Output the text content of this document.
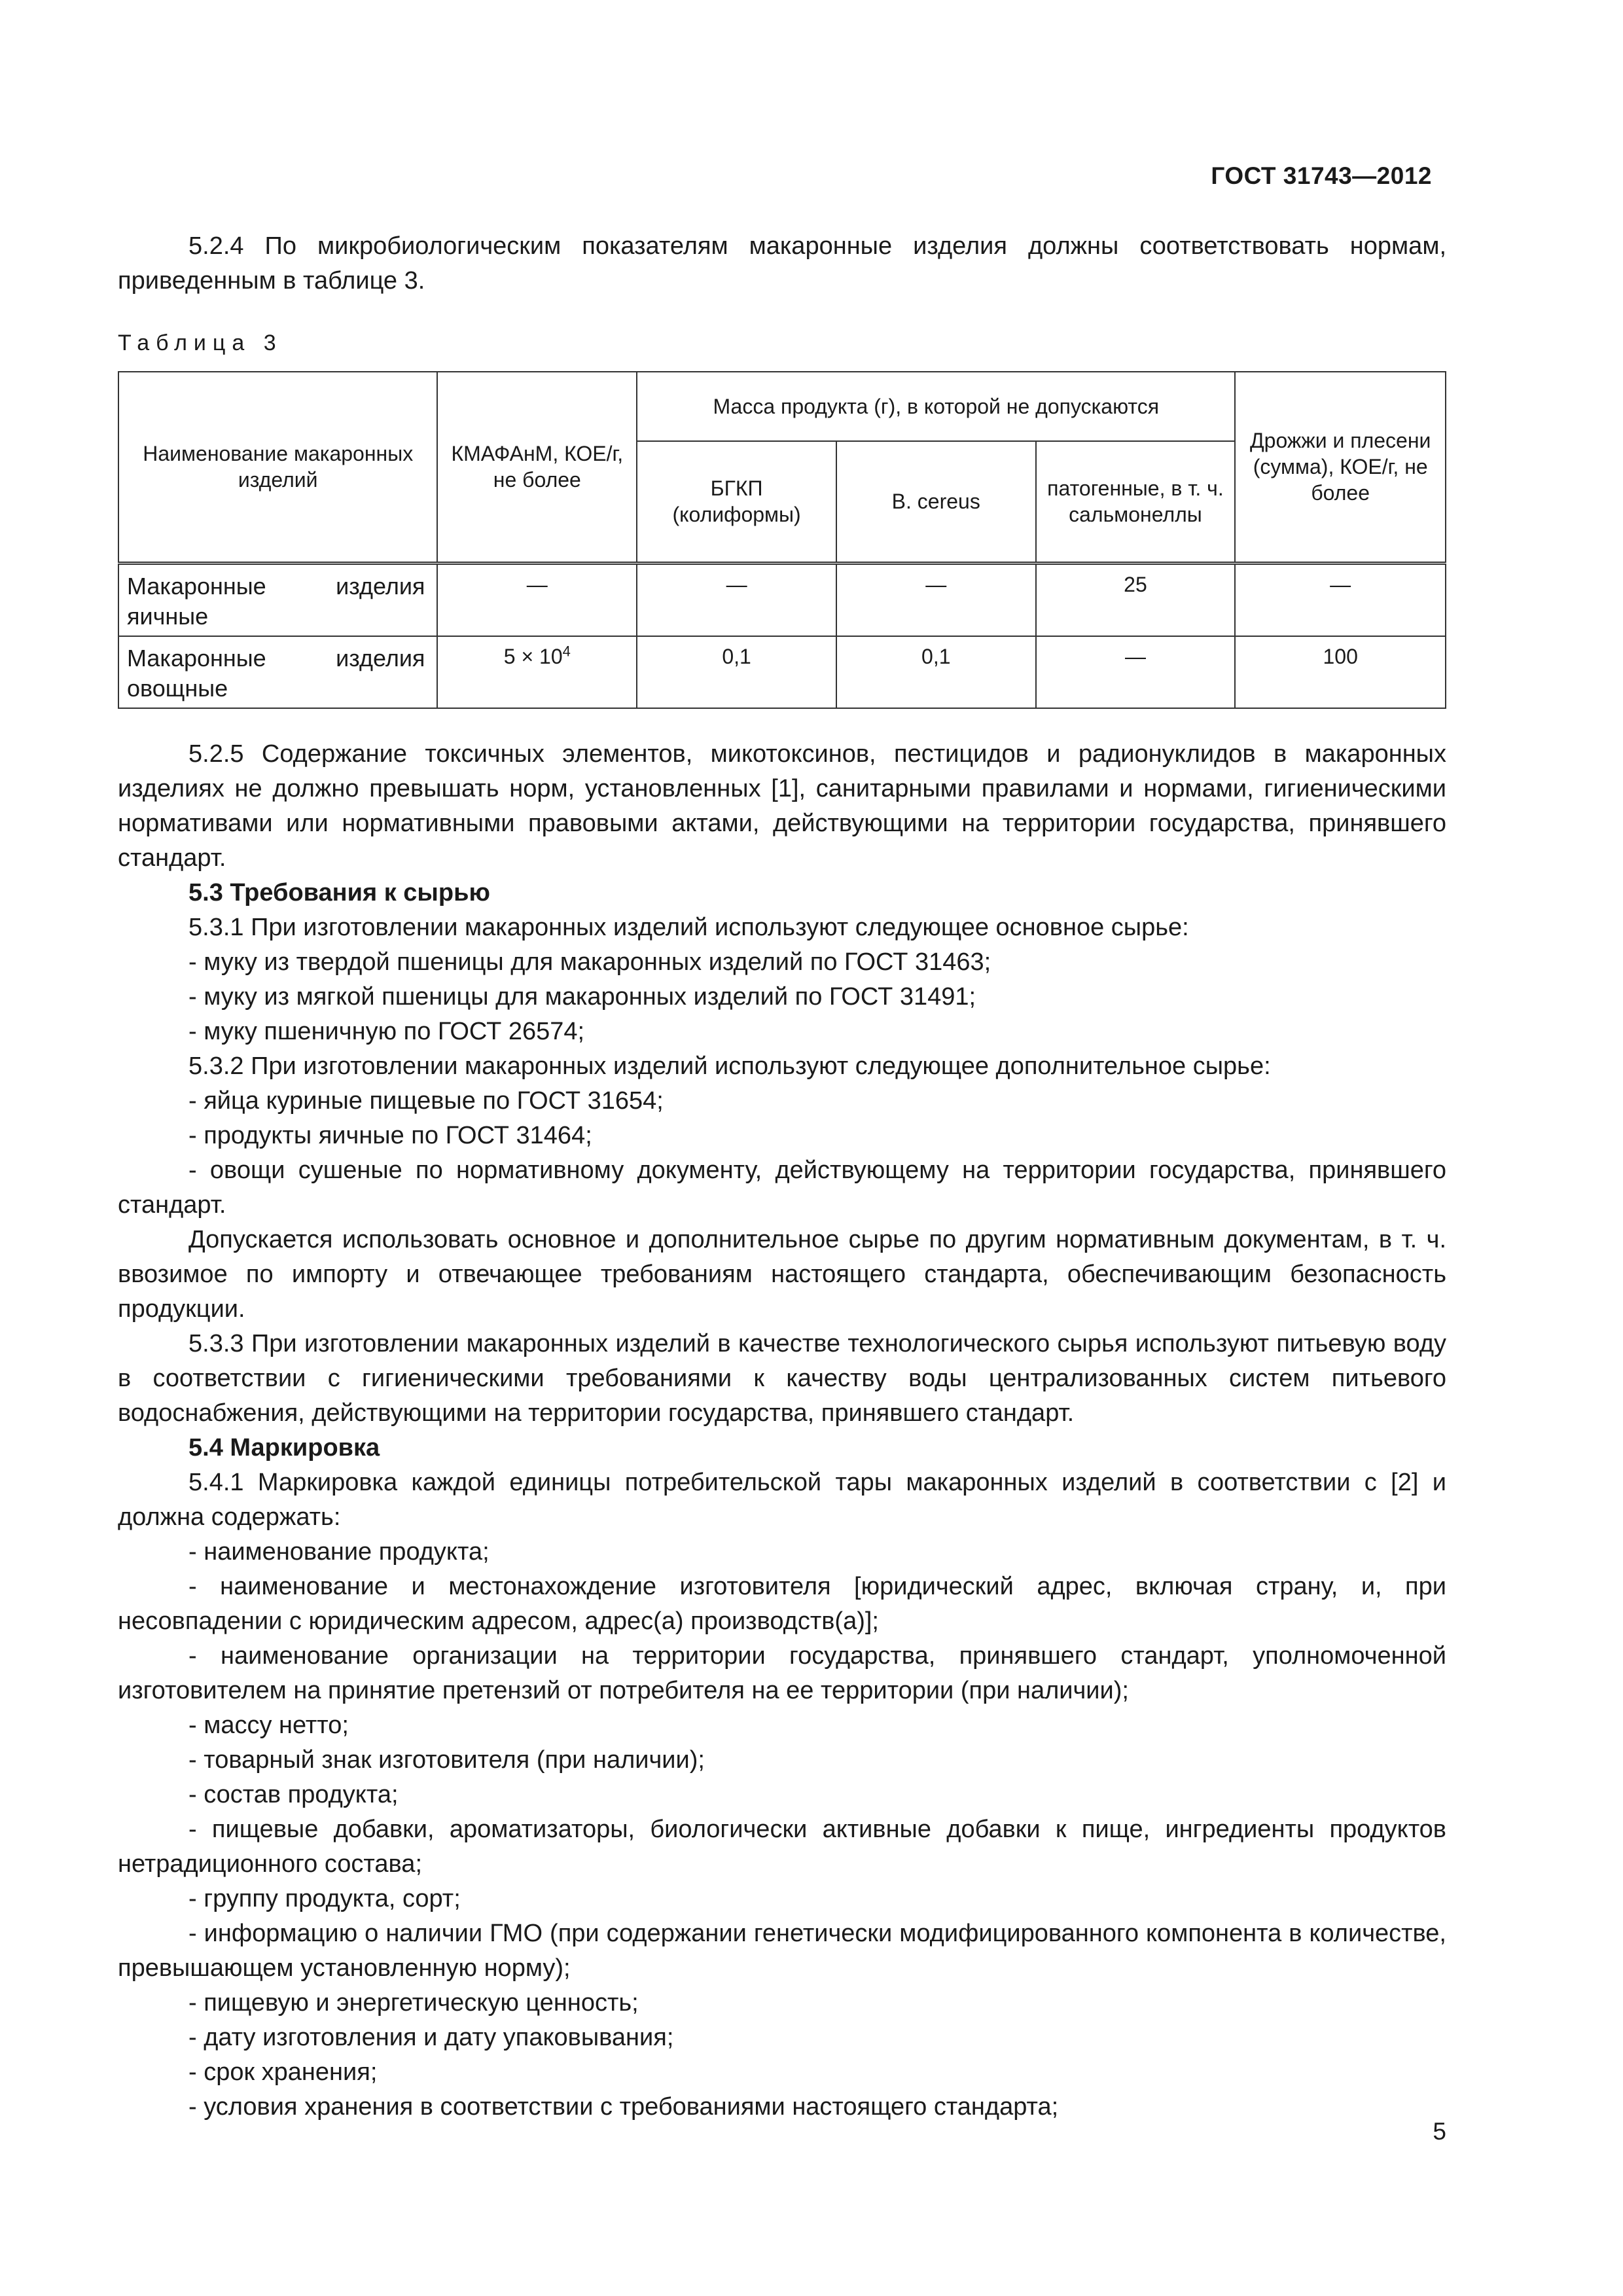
ГОСТ 31743—2012
5.2.4 По микробиологическим показателям макаронные изделия должны соответствовать нормам, приведенным в таблице 3.
Таблица 3
Наименование макаронных изделий	КМАФАнМ, КОЕ/г, не более	Масса продукта (г), в которой не допускаются			Дрожжи и плесени (сумма), КОЕ/г, не более
		БГКП (колиформы)	B. cereus	патогенные, в т. ч. сальмонеллы	
Макаронные изделия яичные	—	—	—	25	—
Макаронные изделия овощные	$5 \times 10^4$	0,1	0,1	—	100
5.2.5 Содержание токсичных элементов, микотоксинов, пестицидов и радионуклидов в макаронных изделиях не должно превышать норм, установленных [1], санитарными правилами и нормами, гигиеническими нормативами или нормативными правовыми актами, действующими на территории государства, принявшего стандарт.
5.3 Требования к сырью
5.3.1 При изготовлении макаронных изделий используют следующее основное сырье:
- муку из твердой пшеницы для макаронных изделий по ГОСТ 31463;
- муку из мягкой пшеницы для макаронных изделий по ГОСТ 31491;
- муку пшеничную по ГОСТ 26574;
5.3.2 При изготовлении макаронных изделий используют следующее дополнительное сырье:
- яйца куриные пищевые по ГОСТ 31654;
- продукты яичные по ГОСТ 31464;
- овощи сушеные по нормативному документу, действующему на территории государства, принявшего стандарт.
Допускается использовать основное и дополнительное сырье по другим нормативным документам, в т. ч. ввозимое по импорту и отвечающее требованиям настоящего стандарта, обеспечивающим безопасность продукции.
5.3.3 При изготовлении макаронных изделий в качестве технологического сырья используют питьевую воду в соответствии с гигиеническими требованиями к качеству воды централизованных систем питьевого водоснабжения, действующими на территории государства, принявшего стандарт.
5.4 Маркировка
5.4.1 Маркировка каждой единицы потребительской тары макаронных изделий в соответствии с [2] и должна содержать:
- наименование продукта;
- наименование и местонахождение изготовителя [юридический адрес, включая страну, и, при несовпадении с юридическим адресом, адрес(а) производств(а)];
- наименование организации на территории государства, принявшего стандарт, уполномоченной изготовителем на принятие претензий от потребителя на ее территории (при наличии);
- массу нетто;
- товарный знак изготовителя (при наличии);
- состав продукта;
- пищевые добавки, ароматизаторы, биологически активные добавки к пище, ингредиенты продуктов нетрадиционного состава;
- группу продукта, сорт;
- информацию о наличии ГМО (при содержании генетически модифицированного компонента в количестве, превышающем установленную норму);
- пищевую и энергетическую ценность;
- дату изготовления и дату упаковывания;
- срок хранения;
- условия хранения в соответствии с требованиями настоящего стандарта;
5
